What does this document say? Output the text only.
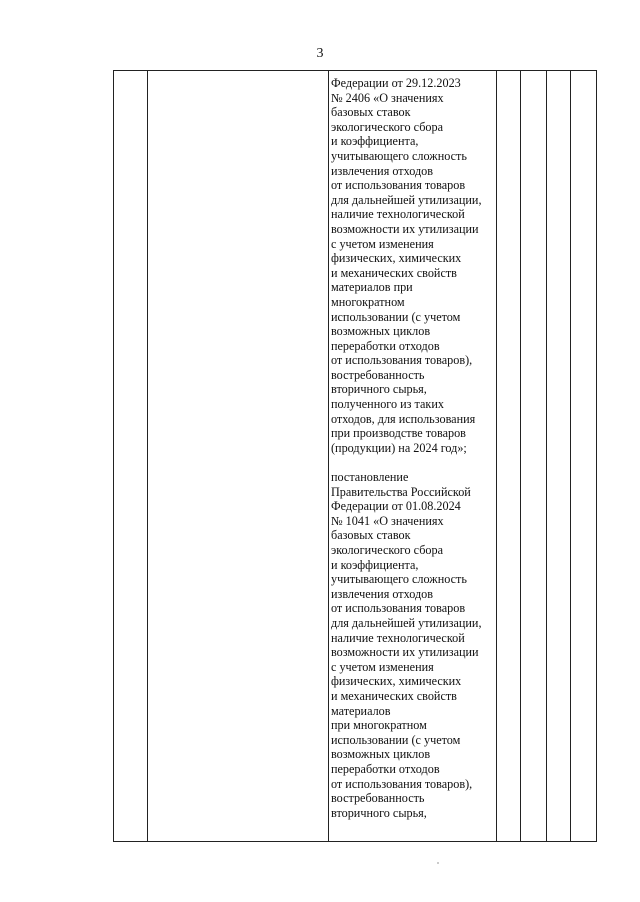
3
Федерации от 29.12.2023
№ 2406 «О значениях
базовых ставок
экологического сбора
и коэффициента,
учитывающего сложность
извлечения отходов
от использования товаров
для дальнейшей утилизации,
наличие технологической
возможности их утилизации
с учетом изменения
физических, химических
и механических свойств
материалов при
многократном
использовании (с учетом
возможных циклов
переработки отходов
от использования товаров),
востребованность
вторичного сырья,
полученного из таких
отходов, для использования
при производстве товаров
(продукции) на 2024 год»;
постановление
Правительства Российской
Федерации от 01.08.2024
№ 1041 «О значениях
базовых ставок
экологического сбора
и коэффициента,
учитывающего сложность
извлечения отходов
от использования товаров
для дальнейшей утилизации,
наличие технологической
возможности их утилизации
с учетом изменения
физических, химических
и механических свойств
материалов
при многократном
использовании (с учетом
возможных циклов
переработки отходов
от использования товаров),
востребованность
вторичного сырья,
